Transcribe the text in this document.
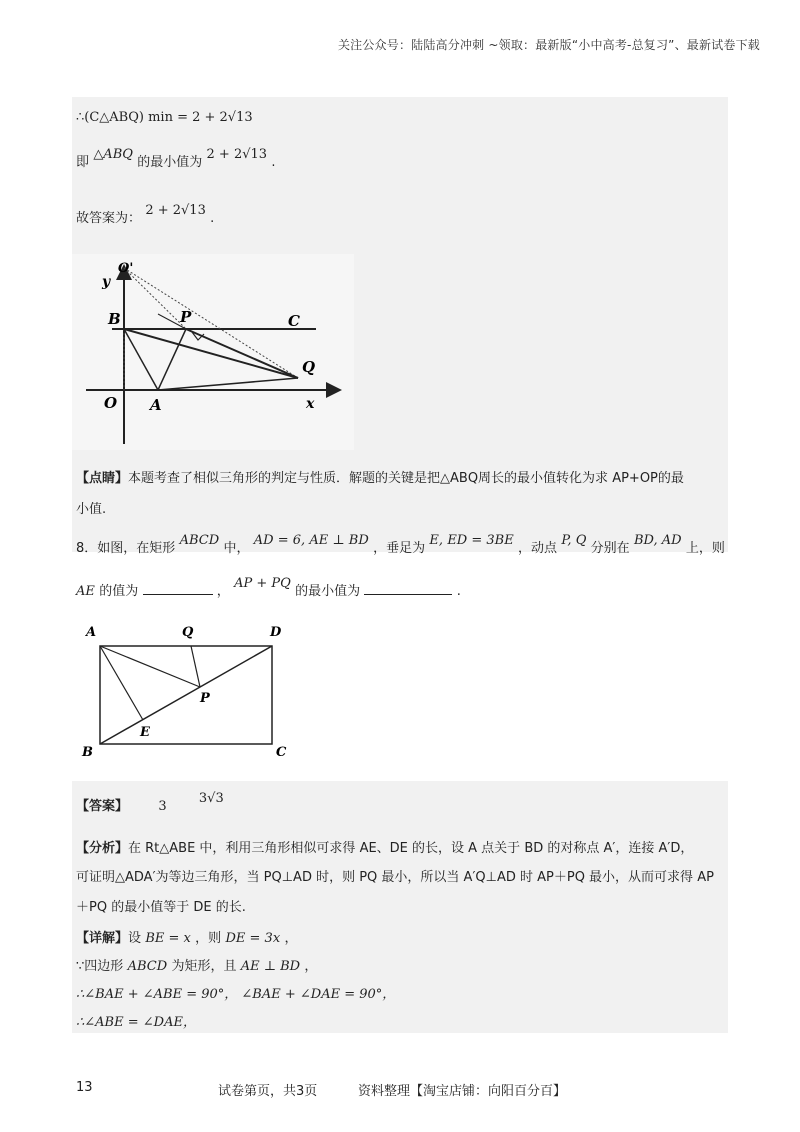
关注公众号：陆陆高分冲刺 ~领取：最新版“小中高考-总复习”、最新试卷下载
∴(C△ABQ) min = 2 + 2√13
即 △ABQ 的最小值为 2 + 2√13 .
故答案为： 2 + 2√13 .
O'
y
B	P	C
Q
O A	x
【点睛】本题考查了相似三角形的判定与性质．解题的关键是把△ABQ周长的最小值转化为求 AP+OP的最
小值.
8．如图，在矩形 ABCD 中， AD = 6, AE ⊥ BD ，垂足为 E, ED = 3BE ，动点 P, Q 分别在 BD, AD 上，则
AE 的值为	， AP + PQ 的最小值为	.
A	Q	D
P
E
B	C
【答案】 3 3√3
【分析】在 Rt△ABE 中，利用三角形相似可求得 AE、DE 的长，设 A 点关于 BD 的对称点 A′，连接 A′D，
可证明△ADA′为等边三角形，当 PQ⊥AD 时，则 PQ 最小，所以当 A′Q⊥AD 时 AP＋PQ 最小，从而可求得 AP
＋PQ 的最小值等于 DE 的长.
【详解】设 BE = x ，则 DE = 3x ，
∵四边形 ABCD 为矩形，且 AE ⊥ BD ，
∴∠BAE + ∠ABE = 90°， ∠BAE + ∠DAE = 90°，
∴∠ABE = ∠DAE，
13	试卷第页，共3页	资料整理【淘宝店铺：向阳百分百】
